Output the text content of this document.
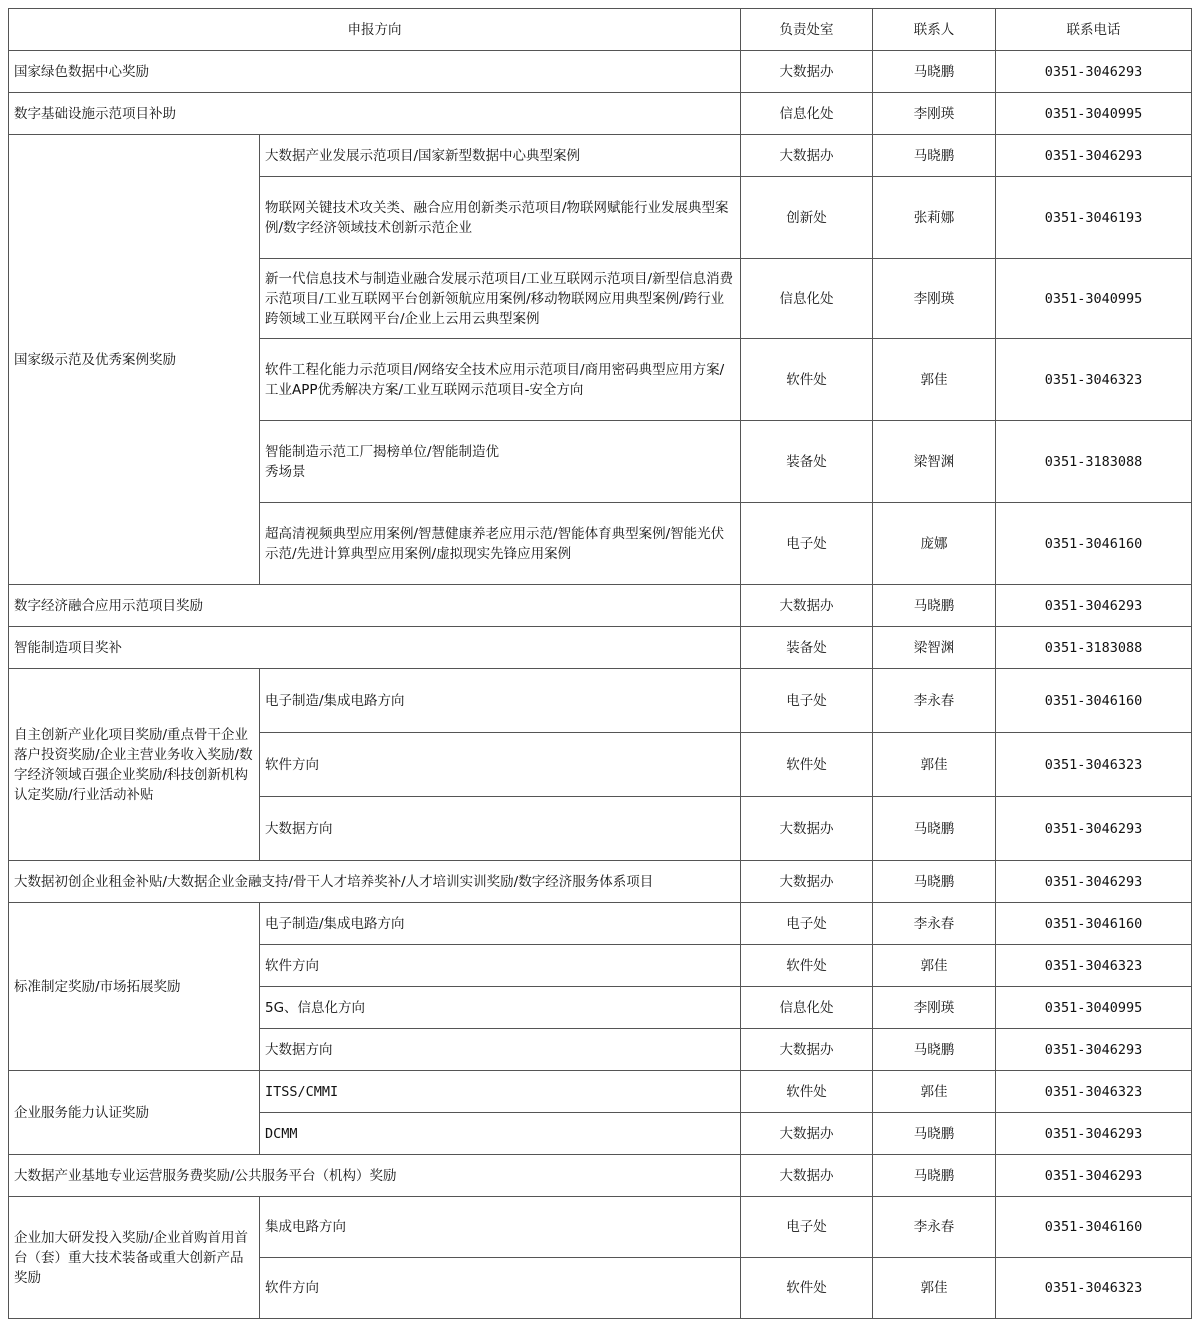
申报方向		负责处室	联系人	联系电话
国家绿色数据中心奖励		大数据办	马晓鹏	0351-3046293
数字基础设施示范项目补助		信息化处	李刚瑛	0351-3040995
国家级示范及优秀案例奖励	大数据产业发展示范项目/国家新型数据中心典型案例	大数据办	马晓鹏	0351-3046293
	物联网关键技术攻关类、融合应用创新类示范项目/物联网赋能行业发展典型案例/数字经济领域技术创新示范企业	创新处	张莉娜	0351-3046193
	新一代信息技术与制造业融合发展示范项目/工业互联网示范项目/新型信息消费示范项目/工业互联网平台创新领航应用案例/移动物联网应用典型案例/跨行业跨领域工业互联网平台/企业上云用云典型案例	信息化处	李刚瑛	0351-3040995
	软件工程化能力示范项目/网络安全技术应用示范项目/商用密码典型应用方案/工业APP优秀解决方案/工业互联网示范项目-安全方向	软件处	郭佳	0351-3046323
	智能制造示范工厂揭榜单位/智能制造优秀场景	装备处	梁智渊	0351-3183088
	超高清视频典型应用案例/智慧健康养老应用示范/智能体育典型案例/智能光伏示范/先进计算典型应用案例/虚拟现实先锋应用案例	电子处	庞娜	0351-3046160
数字经济融合应用示范项目奖励		大数据办	马晓鹏	0351-3046293
智能制造项目奖补		装备处	梁智渊	0351-3183088
自主创新产业化项目奖励/重点骨干企业落户投资奖励/企业主营业务收入奖励/数字经济领域百强企业奖励/科技创新机构认定奖励/行业活动补贴	电子制造/集成电路方向	电子处	李永春	0351-3046160
	软件方向	软件处	郭佳	0351-3046323
	大数据方向	大数据办	马晓鹏	0351-3046293
大数据初创企业租金补贴/大数据企业金融支持/骨干人才培养奖补/人才培训实训奖励/数字经济服务体系项目		大数据办	马晓鹏	0351-3046293
标准制定奖励/市场拓展奖励	电子制造/集成电路方向	电子处	李永春	0351-3046160
	软件方向	软件处	郭佳	0351-3046323
	5G、信息化方向	信息化处	李刚瑛	0351-3040995
	大数据方向	大数据办	马晓鹏	0351-3046293
企业服务能力认证奖励	ITSS/CMMI	软件处	郭佳	0351-3046323
	DCMM	大数据办	马晓鹏	0351-3046293
大数据产业基地专业运营服务费奖励/公共服务平台（机构）奖励		大数据办	马晓鹏	0351-3046293
企业加大研发投入奖励/企业首购首用首台（套）重大技术装备或重大创新产品奖励	集成电路方向	电子处	李永春	0351-3046160
	软件方向	软件处	郭佳	0351-3046323
